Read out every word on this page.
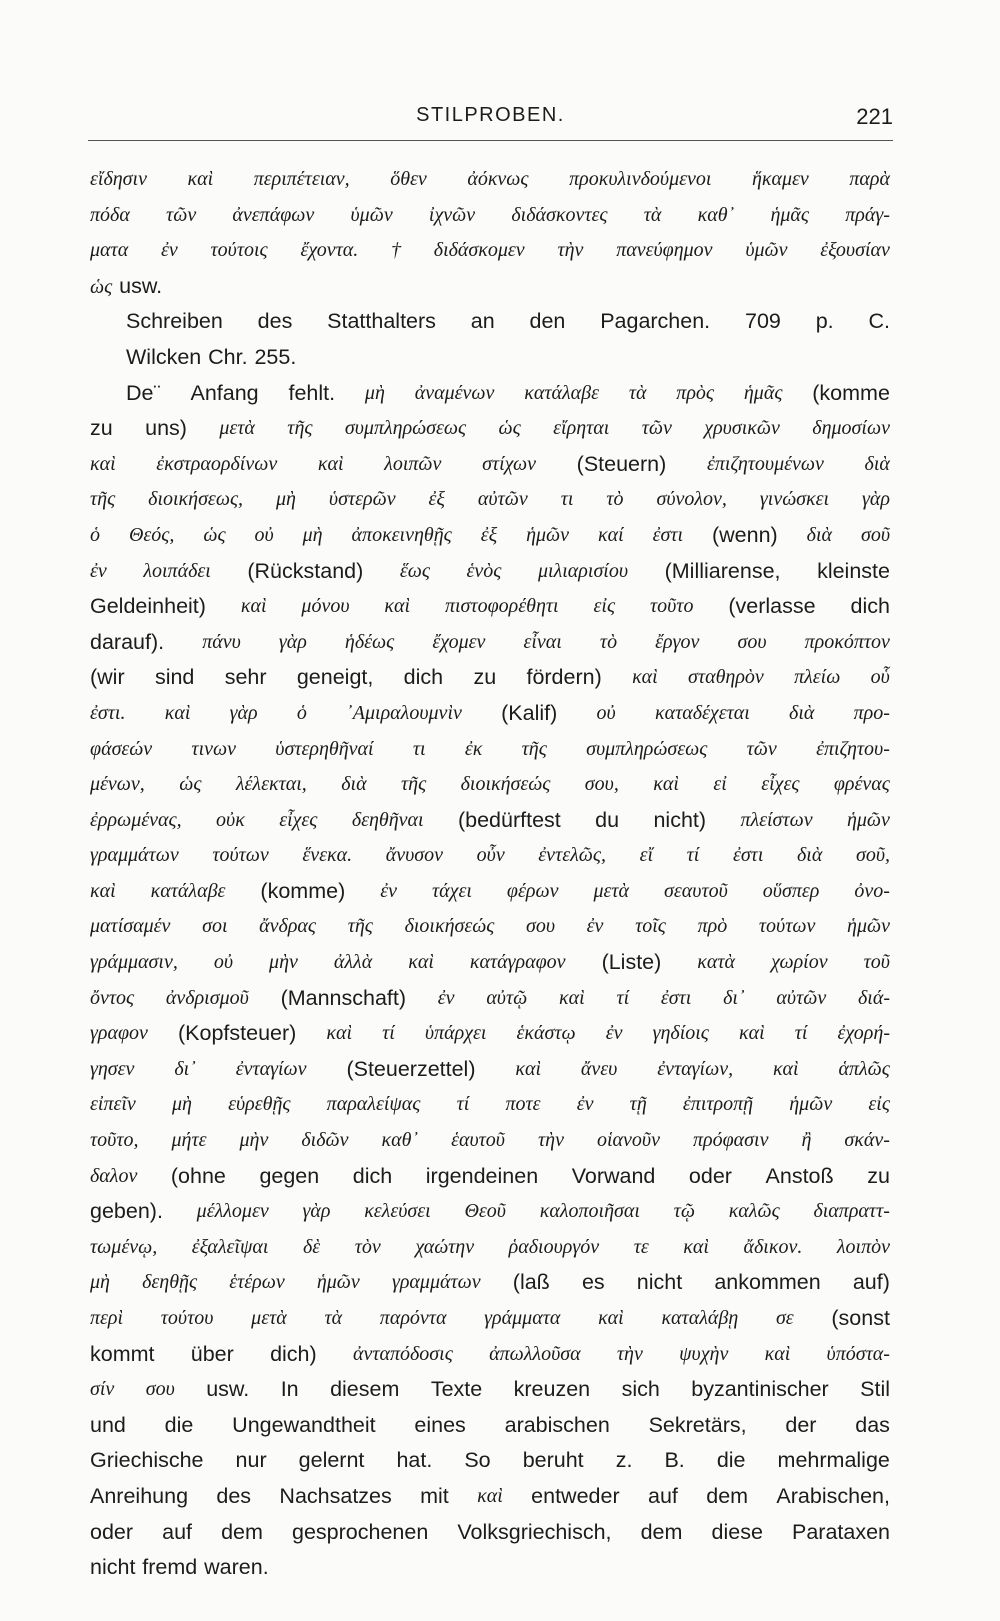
STILPROBEN.	221
εἴδησιν καὶ περιπέτειαν, ὅθεν ἀόκνως προκυλινδούμενοι ἥκαμεν παρὰ
πόδα τῶν ἀνεπάφων ὑμῶν ἰχνῶν διδάσκοντες τὰ καθ᾽ ἡμᾶς πράγ-
ματα ἐν τούτοις ἔχοντα. † διδάσκομεν τὴν πανεύφημον ὑμῶν ἐξουσίαν
ὡς usw.
Schreiben des Statthalters an den Pagarchen. 709 p. C.
Wilcken Chr. 255.
De¨ Anfang fehlt. μὴ ἀναμένων κατάλαβε τὰ πρὸς ἡμᾶς (komme
zu uns) μετὰ τῆς συμπληρώσεως ὡς εἴρηται τῶν χρυσικῶν δημοσίων
καὶ ἐκστραορδίνων καὶ λοιπῶν στίχων (Steuern) ἐπιζητουμένων διὰ
τῆς διοικήσεως, μὴ ὑστερῶν ἐξ αὐτῶν τι τὸ σύνολον, γινώσκει γὰρ
ὁ Θεός, ὡς οὐ μὴ ἀποκεινηθῇς ἐξ ἡμῶν καί ἐστι (wenn) διὰ σοῦ
ἐν λοιπάδει (Rückstand) ἕως ἑνὸς μιλιαρισίου (Milliarense, kleinste
Geldeinheit) καὶ μόνου καὶ πιστοφορέθητι εἰς τοῦτο (verlasse dich
darauf). πάνυ γὰρ ἡδέως ἔχομεν εἶναι τὸ ἔργον σου προκόπτον
(wir sind sehr geneigt, dich zu fördern) καὶ σταθηρὸν πλείω οὗ
ἐστι. καὶ γὰρ ὁ ᾿Αμιραλουμνὶν (Kalif) οὐ καταδέχεται διὰ προ-
φάσεών τινων ὑστερηθῆναί τι ἐκ τῆς συμπληρώσεως τῶν ἐπιζητου-
μένων, ὡς λέλεκται, διὰ τῆς διοικήσεώς σου, καὶ εἰ εἶχες φρένας
ἐρρωμένας, οὐκ εἶχες δεηθῆναι (bedürftest du nicht) πλείστων ἡμῶν
γραμμάτων τούτων ἕνεκα. ἄνυσον οὖν ἐντελῶς, εἴ τί ἐστι διὰ σοῦ,
καὶ κατάλαβε (komme) ἐν τάχει φέρων μετὰ σεαυτοῦ οὕσπερ ὀνο-
ματίσαμέν σοι ἄνδρας τῆς διοικήσεώς σου ἐν τοῖς πρὸ τούτων ἡμῶν
γράμμασιν, οὐ μὴν ἀλλὰ καὶ κατάγραφον (Liste) κατὰ χωρίον τοῦ
ὄντος ἀνδρισμοῦ (Mannschaft) ἐν αὐτῷ καὶ τί ἐστι δι᾽ αὐτῶν διά-
γραφον (Kopfsteuer) καὶ τί ὑπάρχει ἑκάστῳ ἐν γηδίοις καὶ τί ἐχορή-
γησεν δι᾽ ἐνταγίων (Steuerzettel) καὶ ἄνευ ἐνταγίων, καὶ ἁπλῶς
εἰπεῖν μὴ εὑρεθῇς παραλείψας τί ποτε ἐν τῇ ἐπιτροπῇ ἡμῶν εἰς
τοῦτο, μήτε μὴν διδῶν καθ᾽ ἑαυτοῦ τὴν οἱανοῦν πρόφασιν ἢ σκάν-
δαλον (ohne gegen dich irgendeinen Vorwand oder Anstoß zu
geben). μέλλομεν γὰρ κελεύσει Θεοῦ καλοποιῆσαι τῷ καλῶς διαπραττ-
τωμένῳ, ἐξαλεῖψαι δὲ τὸν χαώτην ῥαδιουργόν τε καὶ ἄδικον. λοιπὸν
μὴ δεηθῇς ἑτέρων ἡμῶν γραμμάτων (laß es nicht ankommen auf)
περὶ τούτου μετὰ τὰ παρόντα γράμματα καὶ καταλάβῃ σε (sonst
kommt über dich) ἀνταπόδοσις ἀπωλλοῦσα τὴν ψυχὴν καὶ ὑπόστα-
σίν σου usw. In diesem Texte kreuzen sich byzantinischer Stil
und die Ungewandtheit eines arabischen Sekretärs, der das
Griechische nur gelernt hat. So beruht z. B. die mehrmalige
Anreihung des Nachsatzes mit καὶ entweder auf dem Arabischen,
oder auf dem gesprochenen Volksgriechisch, dem diese Parataxen
nicht fremd waren.
